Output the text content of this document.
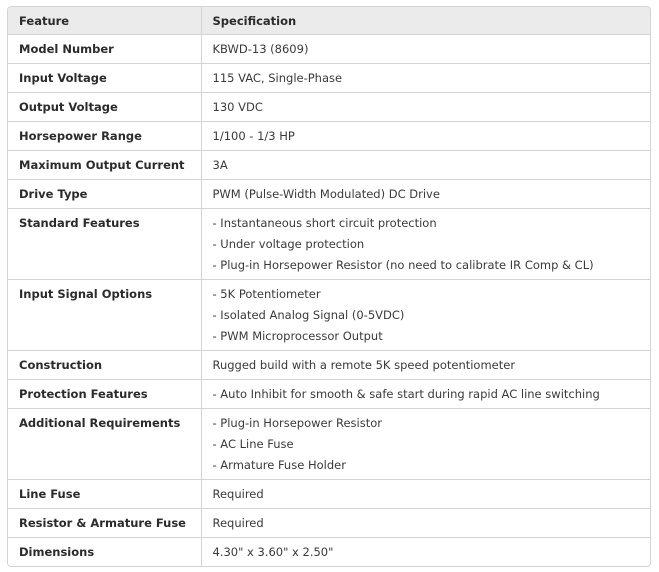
Feature	Specification
Model Number	KBWD-13 (8609)

Input Voltage	115 VAC, Single-Phase

Output Voltage	130 VDC

Horsepower Range	1/100 - 1/3 HP

Maximum Output Current	3A

Drive Type	PWM (Pulse-Width Modulated) DC Drive

Standard Features	- Instantaneous short circuit protection
- Under voltage protection
- Plug-in Horsepower Resistor (no need to calibrate IR Comp & CL)

Input Signal Options	- 5K Potentiometer
- Isolated Analog Signal (0-5VDC)
- PWM Microprocessor Output

Construction	Rugged build with a remote 5K speed potentiometer

Protection Features	- Auto Inhibit for smooth & safe start during rapid AC line switching

Additional Requirements	- Plug-in Horsepower Resistor
- AC Line Fuse
- Armature Fuse Holder

Line Fuse	Required

Resistor & Armature Fuse	Required

Dimensions	4.30" x 3.60" x 2.50"
